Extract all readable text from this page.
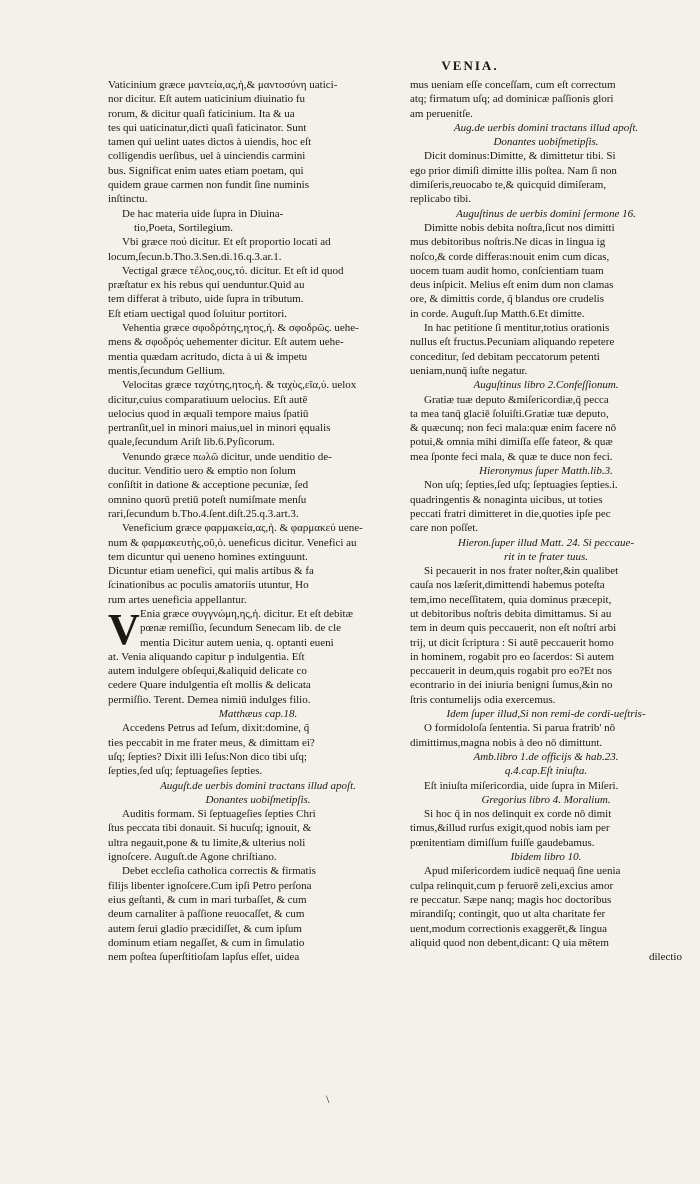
VENIA.
Vaticinium græce μαντεία,ας,ἡ,& μαντοσύνη uatici-
nor dicitur. Eſt autem uaticinium diuinatio fu
rorum, & dicitur quaſi faticinium. Ita & ua
tes qui uaticinatur,dicti quaſi faticinator. Sunt
tamen qui uelint uates dictos à uiendis, hoc eſt
colligendis uerſibus, uel à uinciendis carmini
bus. Significat enim uates etiam poetam, qui
quidem graue carmen non fundit ſine numinis
inſtinctu.
De hac materia uide ſupra in Diuina-
tio,Poeta, Sortilegium.
Vbi græce πού dicitur. Et eſt proportio locati ad
locum,ſecun.b.Tho.3.Sen.di.16.q.3.ar.1.
Vectigal græce τέλος,ους,τό. dicitur. Et eſt id quod
præſtatur ex his rebus qui uenduntur.Quid au
tem differat à tributo, uide ſupra in tributum.
Eſt etiam uectigal quod ſoluitur portitori.
Vehentia græce σφοδρότης,ητος,ἡ. & σφοδρῶς. uehe-
mens & σφοδρός uehementer dicitur. Eſt autem uehe-
mentia quædam acritudo, dicta à ui & impetu
mentis,ſecundum Gellium.
Velocitas græce ταχύτης,ητος,ἡ. & ταχὺς,εῖα,ύ. uelox
dicitur,cuius comparatiuum uelocius. Eſt autē
uelocius quod in æquali tempore maius ſpatiū
pertranſit,uel in minori maius,uel in minori ęqualis
quale,ſecundum Ariſt lib.6.Pyſicorum.
Venundo græce πωλῶ dicitur, unde uenditio de-
ducitur. Venditio uero & emptio non ſolum
conſiſtit in datione & acceptione pecuniæ, ſed
omnino quorū pretiū poteſt numiſmate menſu
rari,ſecundum b.Tho.4.ſent.diſt.25.q.3.art.3.
Veneficium græce φαρμακεία,ας,ἡ. & φαρμακεύ uene-
num & φαρμακευτὴς,οῦ,ὁ. ueneficus dicitur. Venefici au
tem dicuntur qui ueneno homines extinguunt.
Dicuntur etiam uenefici, qui malis artibus & fa
ſcinationibus ac poculis amatoriis utuntur, Ho
rum artes ueneficia appellantur.
V Enia græce συγγνώμη,ης,ἡ. dicitur. Et eſt debitæ
pœnæ remiſſio, ſecundum Senecam lib. de cle
mentia Dicitur autem uenia, q. optanti eueni
at. Venia aliquando capitur p indulgentia. Eſt
autem indulgere obſequi,&aliquid delicate co
cedere Quare indulgentia eſt mollis & delicata
permiſſio. Terent. Demea nimiū indulges filio.
Matthæus cap.18.
Accedens Petrus ad Ieſum, dixit:domine, q̄
ties peccabit in me frater meus, & dimittam ei?
uſq; ſepties? Dixit illi Ieſus:Non dico tibi uſq;
ſepties,ſed uſq; ſeptuageſies ſepties.
Auguſt.de uerbis domini tractans illud apoſt.
Donantes uobiſmetipſis.
Auditis formam. Si ſeptuageſies ſepties Chri
ſtus peccata tibi donauit. Si hucuſq; ignouit, &
ultra negauit,pone & tu limite,& ulterius noli
ignoſcere. Auguſt.de Agone chriſtiano.
Debet eccleſia catholica correctis & firmatis
filijs libenter ignoſcere.Cum ipſi Petro perſona
eius geſtanti, & cum in mari turbaſſet, & cum
deum carnaliter à paſſione reuocaſſet, & cum
autem ſerui gladio præcidiſſet, & cum ipſum
dominum etiam negaſſet, & cum in ſimulatio
nem poſtea ſuperſtitioſam lapſus eſſet, uidea
mus ueniam eſſe conceſſam, cum eſt correctum
atq; firmatum uſq; ad dominicæ paſſionis glori
am peruenitſe.
Aug.de uerbis domini tractans illud apoſt.
Donantes uobiſmetipſis.
Dicit dominus:Dimitte, & dimittetur tibi. Si
ego prior dimiſi dimitte illis poſtea. Nam ſi non
dimiſeris,reuocabo te,& quicquid dimiſeram,
replicabo tibi.
Auguſtinus de uerbis domini ſermone 16.
Dimitte nobis debita noſtra,ſicut nos dimitti
mus debitoribus noſtris.Ne dicas in lingua ig
noſco,& corde differas:nouit enim cum dicas,
uocem tuam audit homo, conſcientiam tuam
deus inſpicit. Melius eſt enim dum non clamas
ore, & dimittis corde, q̄ blandus ore crudelis
in corde. Auguſt.ſup Matth.6.Et dimitte.
In hac petitione ſi mentitur,totius orationis
nullus eſt fructus.Pecuniam aliquando repetere
conceditur, ſed debitam peccatorum petenti
ueniam,nunq̄ iuſte negatur.
Auguſtinus libro 2.Confeſſionum.
Gratiæ tuæ deputo &miſericordiæ,q̄ pecca
ta mea tanq̄ glaciē ſoluiſti.Gratiæ tuæ deputo,
& quæcunq; non feci mala:quæ enim facere nō
potui,& omnia mihi dimiſſa eſſe fateor, & quæ
mea ſponte feci mala, & quæ te duce non feci.
Hieronymus ſuper Matth.lib.3.
Non uſq; ſepties,ſed uſq; ſeptuagies ſepties.i.
quadringentis & nonaginta uicibus, ut toties
peccati fratri dimitteret in die,quoties ipſe pec
care non poſſet.
Hieron.ſuper illud Matt. 24. Si peccaue-
rit in te frater tuus.
Si pecauerit in nos frater noſter,&in qualibet
cauſa nos læſerit,dimittendi habemus poteſta
tem,imo neceſſitatem, quia dominus præcepit,
ut debitoribus noſtris debita dimittamus. Si au
tem in deum quis peccauerit, non eſt noſtri arbi
trij, ut dicit ſcriptura : Si autē peccauerit homo
in hominem, rogabit pro eo ſacerdos: Si autem
peccauerit in deum,quis rogabit pro eo?Et nos
econtrario in dei iniuria benigni ſumus,&in no
ſtris contumelijs odia exercemus.
Idem ſuper illud,Si non remi-de cordi-ueſtris-
O formidoloſa ſententia. Si parua fratrib' nō
dimittimus,magna nobis à deo nō dimittunt.
Amb.libro 1.de officijs & hab.23.
q.4.cap.Eſt iniuſta.
Eſt iniuſta miſericordia, uide ſupra in Miſeri.
Gregorius libro 4. Moralium.
Si hoc q̄ in nos delinquit ex corde nō dimit
timus,&illud rurſus exigit,quod nobis iam per
pœnitentiam dimiſſum fuiſſe gaudebamus.
Ibidem libro 10.
Apud miſericordem iudicē nequaq̄ ſine uenia
culpa relinquit,cum p feruorē zeli,excius amor
re peccatur. Sæpe nanq; magis hoc doctoribus
mirandiſq; contingit, quo ut alta charitate fer
uent,modum correctionis exaggerēt,& lingua
aliquid quod non debent,dicant: Q uia mētem
dilectio
\
